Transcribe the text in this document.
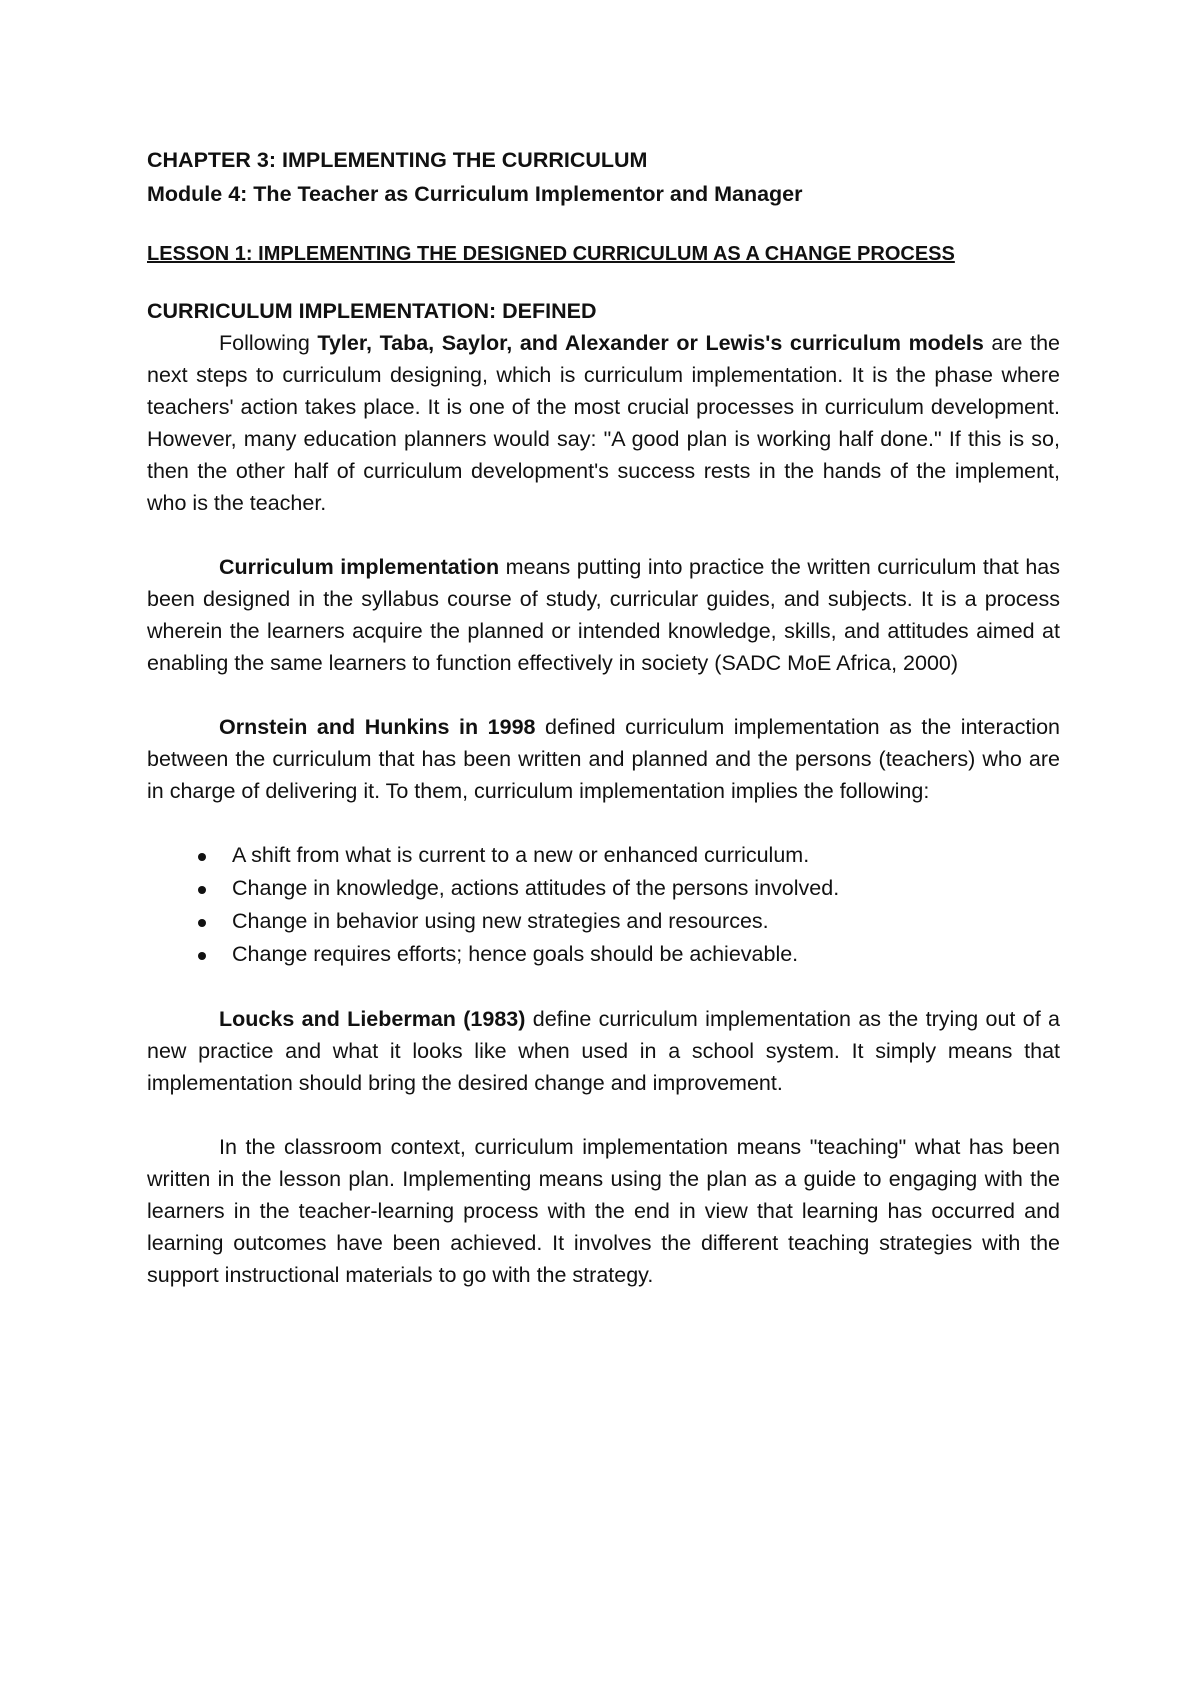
CHAPTER 3: IMPLEMENTING THE CURRICULUM

Module 4: The Teacher as Curriculum Implementor and Manager

LESSON 1: IMPLEMENTING THE DESIGNED CURRICULUM AS A CHANGE PROCESS

CURRICULUM IMPLEMENTATION: DEFINED

Following Tyler, Taba, Saylor, and Alexander or Lewis's curriculum models are the next steps to curriculum designing, which is curriculum implementation. It is the phase where teachers' action takes place. It is one of the most crucial processes in curriculum development. However, many education planners would say: "A good plan is working half done." If this is so, then the other half of curriculum development's success rests in the hands of the implement, who is the teacher.

Curriculum implementation means putting into practice the written curriculum that has been designed in the syllabus course of study, curricular guides, and subjects. It is a process wherein the learners acquire the planned or intended knowledge, skills, and attitudes aimed at enabling the same learners to function effectively in society (SADC MoE Africa, 2000)

Ornstein and Hunkins in 1998 defined curriculum implementation as the interaction between the curriculum that has been written and planned and the persons (teachers) who are in charge of delivering it. To them, curriculum implementation implies the following:

A shift from what is current to a new or enhanced curriculum.
Change in knowledge, actions attitudes of the persons involved.
Change in behavior using new strategies and resources.
Change requires efforts; hence goals should be achievable.

Loucks and Lieberman (1983) define curriculum implementation as the trying out of a new practice and what it looks like when used in a school system. It simply means that implementation should bring the desired change and improvement.

In the classroom context, curriculum implementation means "teaching" what has been written in the lesson plan. Implementing means using the plan as a guide to engaging with the learners in the teacher-learning process with the end in view that learning has occurred and learning outcomes have been achieved. It involves the different teaching strategies with the support instructional materials to go with the strategy.
